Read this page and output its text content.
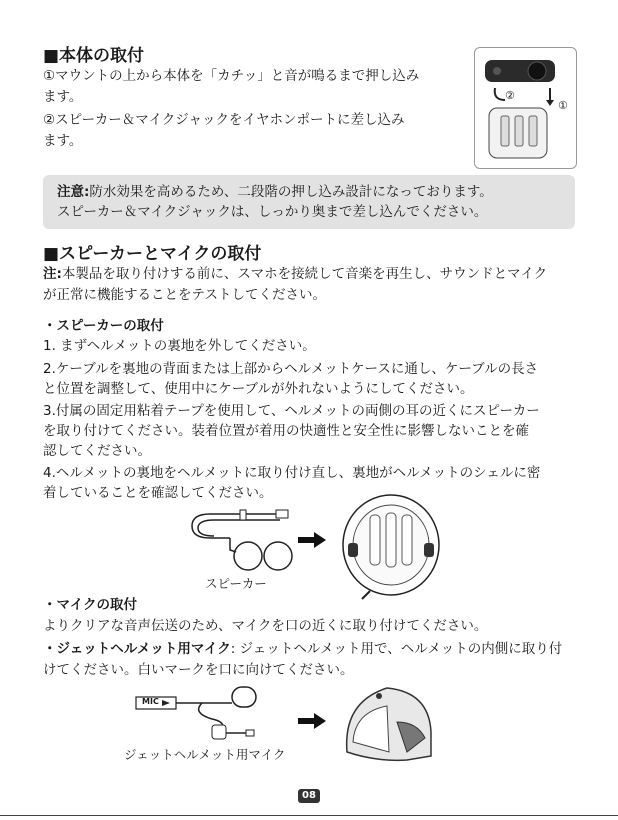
■本体の取付
①マウントの上から本体を「カチッ」と音が鳴るまで押し込み
ます。
②スピーカー＆マイクジャックをイヤホンポートに差し込み
ます。
②
①
注意:防水効果を高めるため、二段階の押し込み設計になっております。
スピーカー＆マイクジャックは、しっかり奥まで差し込んでください。
■スピーカーとマイクの取付
注:本製品を取り付けする前に、スマホを接続して音楽を再生し、サウンドとマイク
が正常に機能することをテストしてください。
・スピーカーの取付
1. まずヘルメットの裏地を外してください。
2.ケーブルを裏地の背面または上部からヘルメットケースに通し、ケーブルの長さ
と位置を調整して、使用中にケーブルが外れないようにしてください。
3.付属の固定用粘着テープを使用して、ヘルメットの両側の耳の近くにスピーカー
を取り付けてください。装着位置が着用の快適性と安全性に影響しないことを確
認してください。
4.ヘルメットの裏地をヘルメットに取り付け直し、裏地がヘルメットのシェルに密
着していることを確認してください。
スピーカー
・マイクの取付
よりクリアな音声伝送のため、マイクを口の近くに取り付けてください。
・ジェットヘルメット用マイク: ジェットヘルメット用で、ヘルメットの内側に取り付
けてください。白いマークを口に向けてください。
MIC
ジェットヘルメット用マイク
08
